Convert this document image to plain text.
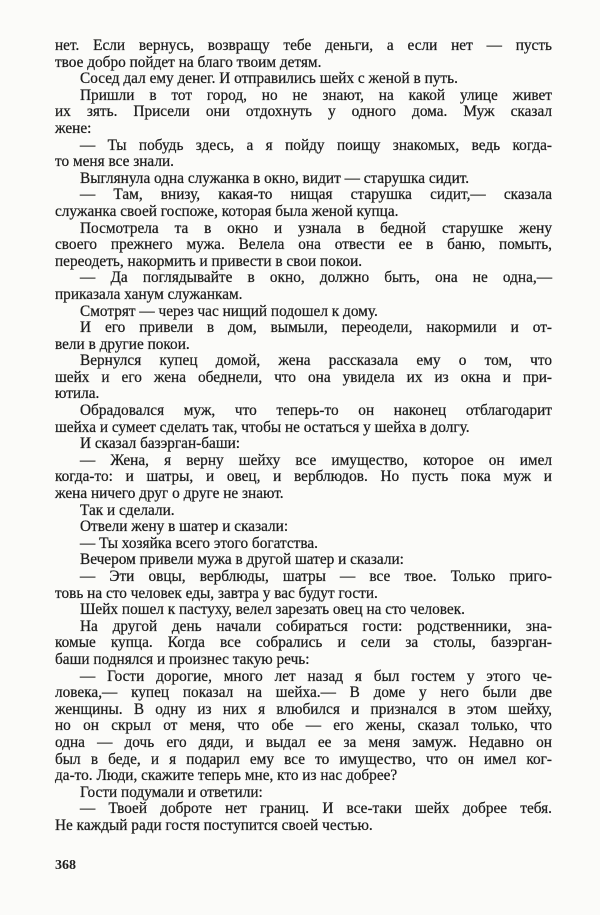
нет. Если вернусь, возвращу тебе деньги, а если нет — пусть
твое добро пойдет на благо твоим детям.
Сосед дал ему денег. И отправились шейх с женой в путь.
Пришли в тот город, но не знают, на какой улице живет
их зять. Присели они отдохнуть у одного дома. Муж сказал
жене:
— Ты побудь здесь, а я пойду поищу знакомых, ведь когда-
то меня все знали.
Выглянула одна служанка в окно, видит — старушка сидит.
— Там, внизу, какая-то нищая старушка сидит,— сказала
служанка своей госпоже, которая была женой купца.
Посмотрела та в окно и узнала в бедной старушке жену
своего прежнего мужа. Велела она отвести ее в баню, помыть,
переодеть, накормить и привести в свои покои.
— Да поглядывайте в окно, должно быть, она не одна,—
приказала ханум служанкам.
Смотрят — через час нищий подошел к дому.
И его привели в дом, вымыли, переодели, накормили и от-
вели в другие покои.
Вернулся купец домой, жена рассказала ему о том, что
шейх и его жена обеднели, что она увидела их из окна и при-
ютила.
Обрадовался муж, что теперь-то он наконец отблагодарит
шейха и сумеет сделать так, чтобы не остаться у шейха в долгу.
И сказал базэрган-баши:
— Жена, я верну шейху все имущество, которое он имел
когда-то: и шатры, и овец, и верблюдов. Но пусть пока муж и
жена ничего друг о друге не знают.
Так и сделали.
Отвели жену в шатер и сказали:
— Ты хозяйка всего этого богатства.
Вечером привели мужа в другой шатер и сказали:
— Эти овцы, верблюды, шатры — все твое. Только приго-
товь на сто человек еды, завтра у вас будут гости.
Шейх пошел к пастуху, велел зарезать овец на сто человек.
На другой день начали собираться гости: родственники, зна-
комые купца. Когда все собрались и сели за столы, базэрган-
баши поднялся и произнес такую речь:
— Гости дорогие, много лет назад я был гостем у этого че-
ловека,— купец показал на шейха.— В доме у него были две
женщины. В одну из них я влюбился и признался в этом шейху,
но он скрыл от меня, что обе — его жены, сказал только, что
одна — дочь его дяди, и выдал ее за меня замуж. Недавно он
был в беде, и я подарил ему все то имущество, что он имел ког-
да-то. Люди, скажите теперь мне, кто из нас добрее?
Гости подумали и ответили:
— Твоей доброте нет границ. И все-таки шейх добрее тебя.
Не каждый ради гостя поступится своей честью.
368
